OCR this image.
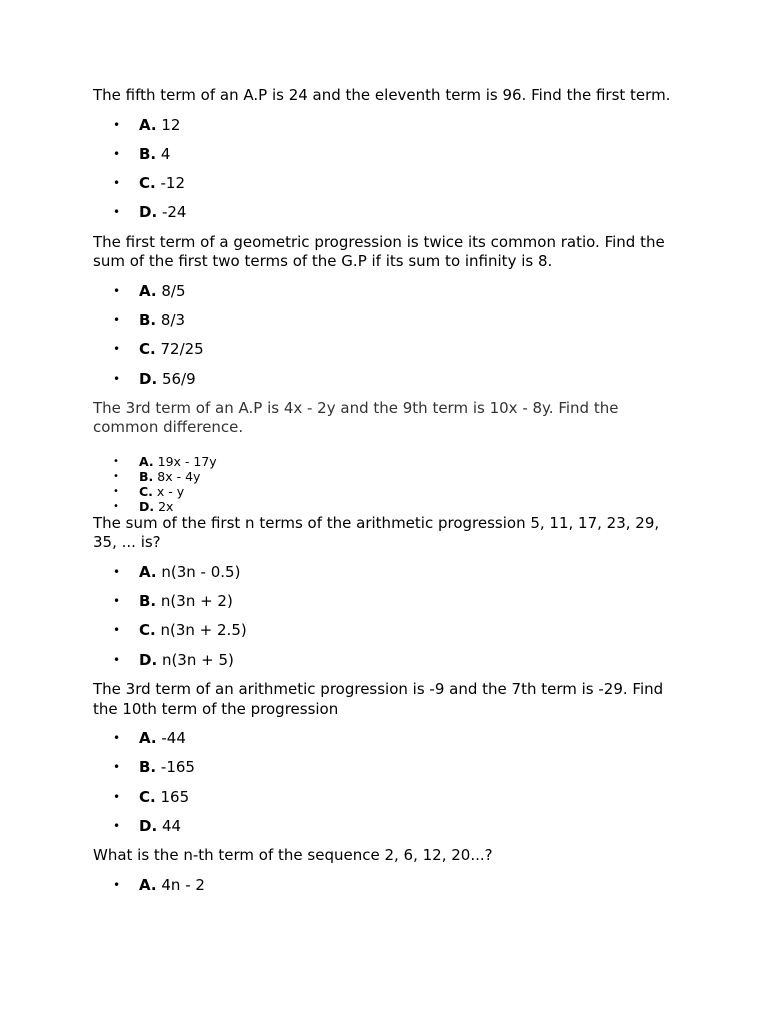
The fifth term of an A.P is 24 and the eleventh term is 96. Find the first term.

• A. 12
• B. 4
• C. -12
• D. -24

The first term of a geometric progression is twice its common ratio. Find the sum of the first two terms of the G.P if its sum to infinity is 8.

• A. 8/5
• B. 8/3
• C. 72/25
• D. 56/9

The 3rd term of an A.P is 4x - 2y and the 9th term is 10x - 8y. Find the common difference.

• A. 19x - 17y
• B. 8x - 4y
• C. x - y
• D. 2x

The sum of the first n terms of the arithmetic progression 5, 11, 17, 23, 29, 35, ... is?

• A. n(3n - 0.5)
• B. n(3n + 2)
• C. n(3n + 2.5)
• D. n(3n + 5)

The 3rd term of an arithmetic progression is -9 and the 7th term is -29. Find the 10th term of the progression

• A. -44
• B. -165
• C. 165
• D. 44

What is the n-th term of the sequence 2, 6, 12, 20...?

• A. 4n - 2
